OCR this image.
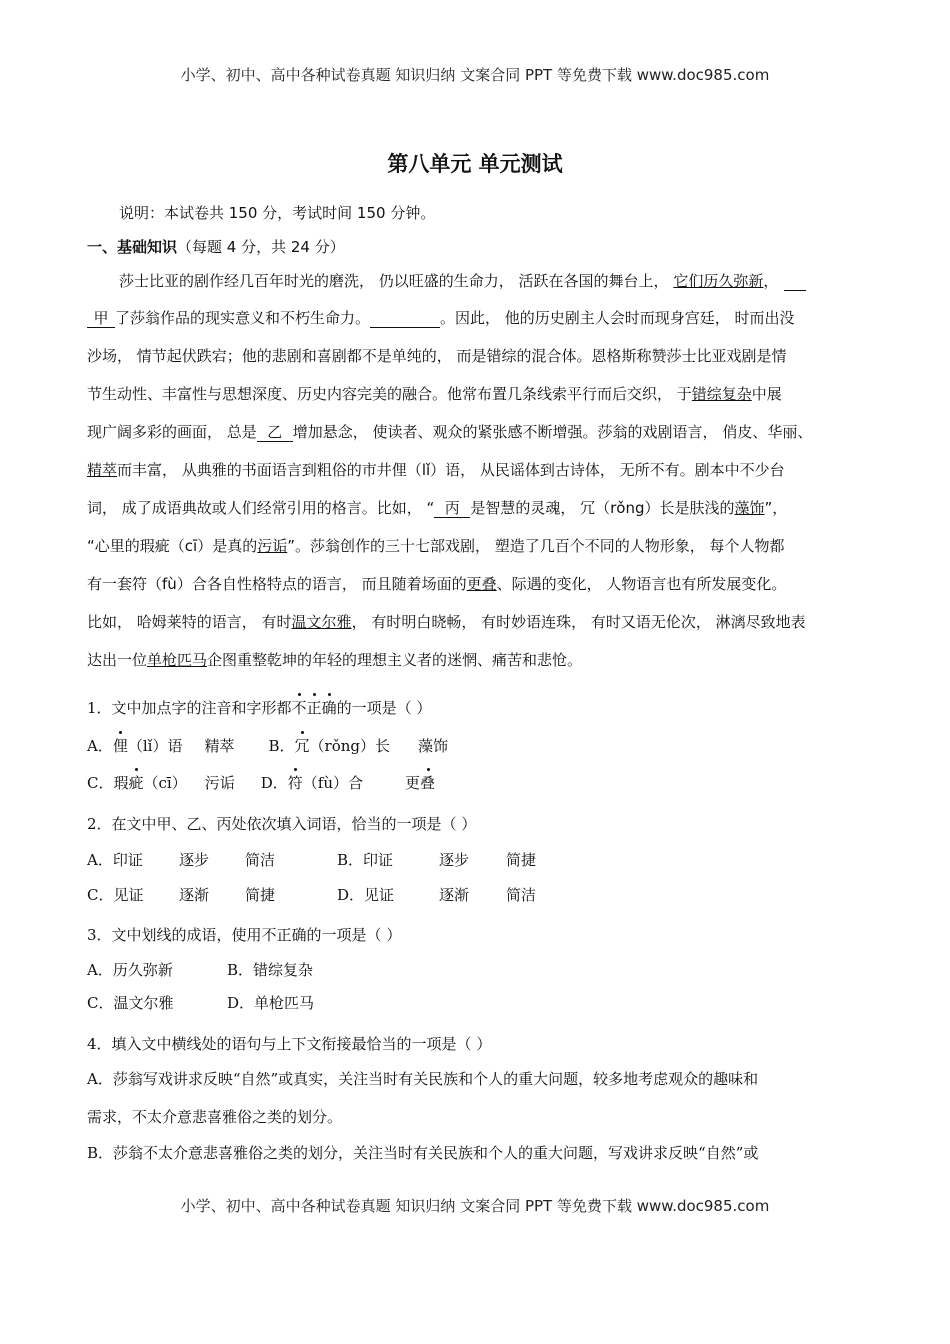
小学、初中、高中各种试卷真题 知识归纳 文案合同 PPT 等免费下载 www.doc985.com
第八单元 单元测试
说明：本试卷共 150 分，考试时间 150 分钟。
一、基础知识（每题 4 分，共 24 分）
莎士比亚的剧作经几百年时光的磨洗， 仍以旺盛的生命力， 活跃在各国的舞台上， 它们历久弥新，
甲 了莎翁作品的现实意义和不朽生命力。	。因此， 他的历史剧主人会时而现身宫廷， 时而出没
沙场， 情节起伏跌宕；他的悲剧和喜剧都不是单纯的， 而是错综的混合体。恩格斯称赞莎士比亚戏剧是情
节生动性、丰富性与思想深度、历史内容完美的融合。他常布置几条线索平行而后交织， 于错综复杂中展
现广阔多彩的画面， 总是 乙 增加悬念， 使读者、观众的紧张感不断增强。莎翁的戏剧语言， 俏皮、华丽、
精萃而丰富， 从典雅的书面语言到粗俗的市井俚（lǐ）语， 从民谣体到古诗体， 无所不有。剧本中不少台
词， 成了成语典故或人们经常引用的格言。比如， “ 丙 是智慧的灵魂， 冗（rǒng）长是肤浅的藻饰”，
“心里的瑕疵（cī）是真的污诟”。莎翁创作的三十七部戏剧， 塑造了几百个不同的人物形象， 每个人物都
有一套符（fù）合各自性格特点的语言， 而且随着场面的更叠、际遇的变化， 人物语言也有所发展变化。
比如， 哈姆莱特的语言， 有时温文尔雅， 有时明白晓畅， 有时妙语连珠， 有时又语无伦次， 淋漓尽致地表
达出一位单枪匹马企图重整乾坤的年轻的理想主义者的迷惘、痛苦和悲怆。
1．文中加点字的注音和字形都不正确的一项是（ ）
A．俚（lǐ）语 精萃 B．冗（rǒng）长 藻饰
C．瑕疵（cī） 污诟 D．符（fù）合	更叠
2．在文中甲、乙、丙处依次填入词语，恰当的一项是（ ）
A．印证 逐步 简洁	B．印证	逐步 简捷
C．见证 逐渐 简捷	D．见证	逐渐 简洁
3．文中划线的成语，使用不正确的一项是（ ）
A．历久弥新	B．错综复杂
C．温文尔雅	D．单枪匹马
4．填入文中横线处的语句与上下文衔接最恰当的一项是（ ）
A．莎翁写戏讲求反映“自然”或真实，关注当时有关民族和个人的重大问题，较多地考虑观众的趣味和
需求，不太介意悲喜雅俗之类的划分。
B．莎翁不太介意悲喜雅俗之类的划分，关注当时有关民族和个人的重大问题，写戏讲求反映“自然”或
小学、初中、高中各种试卷真题 知识归纳 文案合同 PPT 等免费下载 www.doc985.com
